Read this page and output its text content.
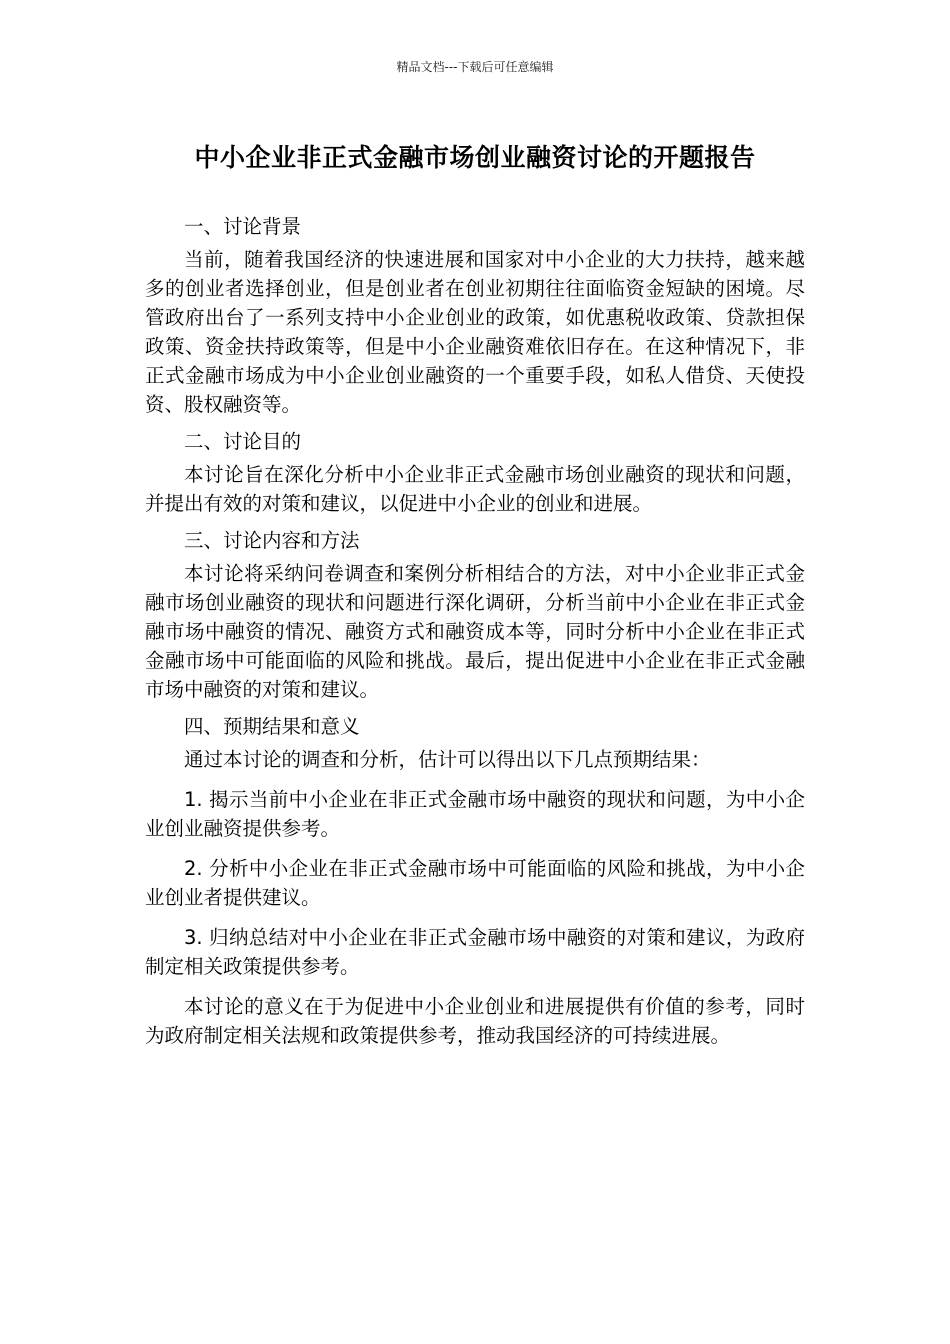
精品文档---下载后可任意编辑
中小企业非正式金融市场创业融资讨论的开题报告

一、讨论背景

当前，随着我国经济的快速进展和国家对中小企业的大力扶持，越来越多的创业者选择创业，但是创业者在创业初期往往面临资金短缺的困境。尽管政府出台了一系列支持中小企业创业的政策，如优惠税收政策、贷款担保政策、资金扶持政策等，但是中小企业融资难依旧存在。在这种情况下，非正式金融市场成为中小企业创业融资的一个重要手段，如私人借贷、天使投资、股权融资等。

二、讨论目的

本讨论旨在深化分析中小企业非正式金融市场创业融资的现状和问题，并提出有效的对策和建议，以促进中小企业的创业和进展。

三、讨论内容和方法

本讨论将采纳问卷调查和案例分析相结合的方法，对中小企业非正式金融市场创业融资的现状和问题进行深化调研，分析当前中小企业在非正式金融市场中融资的情况、融资方式和融资成本等，同时分析中小企业在非正式金融市场中可能面临的风险和挑战。最后，提出促进中小企业在非正式金融市场中融资的对策和建议。

四、预期结果和意义

通过本讨论的调查和分析，估计可以得出以下几点预期结果：

1. 揭示当前中小企业在非正式金融市场中融资的现状和问题，为中小企业创业融资提供参考。

2. 分析中小企业在非正式金融市场中可能面临的风险和挑战，为中小企业创业者提供建议。

3. 归纳总结对中小企业在非正式金融市场中融资的对策和建议，为政府制定相关政策提供参考。

本讨论的意义在于为促进中小企业创业和进展提供有价值的参考，同时为政府制定相关法规和政策提供参考，推动我国经济的可持续进展。
